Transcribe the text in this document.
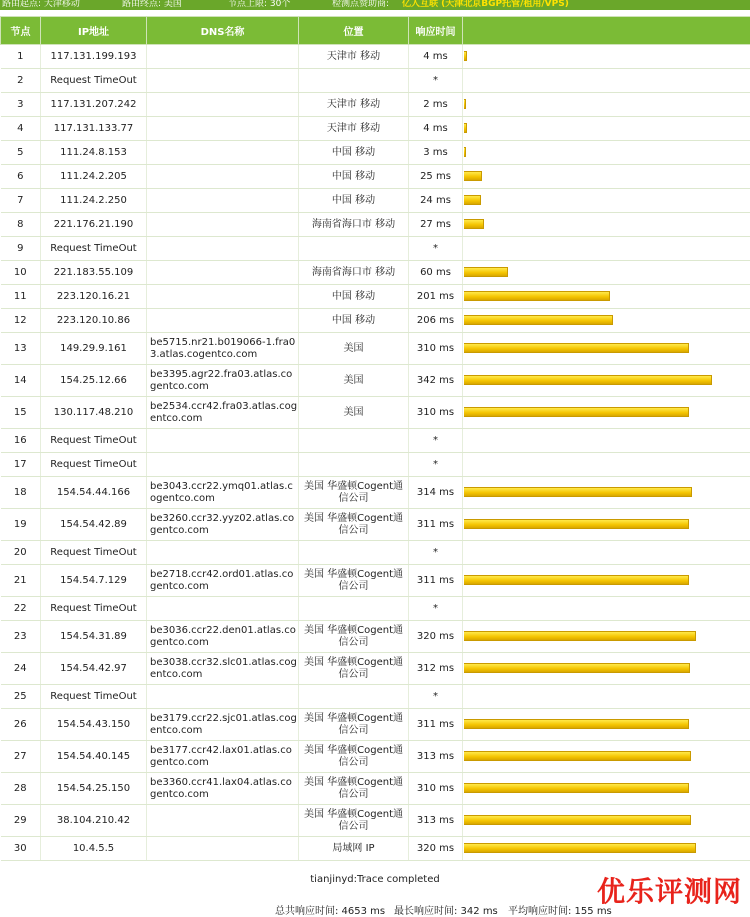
路由起点: 天津移动	路由终点: 美国	节点上限: 30个	检测点赞助商: 亿人互联 (天津北京BGP托管/租用/VPS)
节点	IP地址	DNS名称	位置	响应时间	
1	117.131.199.193		天津市 移动	4 ms	
2	Request TimeOut			*	
3	117.131.207.242		天津市 移动	2 ms	
4	117.131.133.77		天津市 移动	4 ms	
5	111.24.8.153		中国 移动	3 ms	
6	111.24.2.205		中国 移动	25 ms	
7	111.24.2.250		中国 移动	24 ms	
8	221.176.21.190		海南省海口市 移动	27 ms	
9	Request TimeOut			*	
10	221.183.55.109		海南省海口市 移动	60 ms	
11	223.120.16.21		中国 移动	201 ms	
12	223.120.10.86		中国 移动	206 ms	
13	149.29.9.161	be5715.nr21.b019066-1.fra03.atlas.cogentco.com	美国	310 ms	
14	154.25.12.66	be3395.agr22.fra03.atlas.cogentco.com	美国	342 ms	
15	130.117.48.210	be2534.ccr42.fra03.atlas.cogentco.com	美国	310 ms	
16	Request TimeOut			*	
17	Request TimeOut			*	
18	154.54.44.166	be3043.ccr22.ymq01.atlas.cogentco.com	美国 华盛顿Cogent通信公司	314 ms	
19	154.54.42.89	be3260.ccr32.yyz02.atlas.cogentco.com	美国 华盛顿Cogent通信公司	311 ms	
20	Request TimeOut			*	
21	154.54.7.129	be2718.ccr42.ord01.atlas.cogentco.com	美国 华盛顿Cogent通信公司	311 ms	
22	Request TimeOut			*	
23	154.54.31.89	be3036.ccr22.den01.atlas.cogentco.com	美国 华盛顿Cogent通信公司	320 ms	
24	154.54.42.97	be3038.ccr32.slc01.atlas.cogentco.com	美国 华盛顿Cogent通信公司	312 ms	
25	Request TimeOut			*	
26	154.54.43.150	be3179.ccr22.sjc01.atlas.cogentco.com	美国 华盛顿Cogent通信公司	311 ms	
27	154.54.40.145	be3177.ccr42.lax01.atlas.cogentco.com	美国 华盛顿Cogent通信公司	313 ms	
28	154.54.25.150	be3360.ccr41.lax04.atlas.cogentco.com	美国 华盛顿Cogent通信公司	310 ms	
29	38.104.210.42		美国 华盛顿Cogent通信公司	313 ms	
30	10.4.5.5		局域网 IP	320 ms	
tianjinyd:Trace completed
总共响应时间: 4653 ms 最长响应时间: 342 ms 平均响应时间: 155 ms
优乐评测网
